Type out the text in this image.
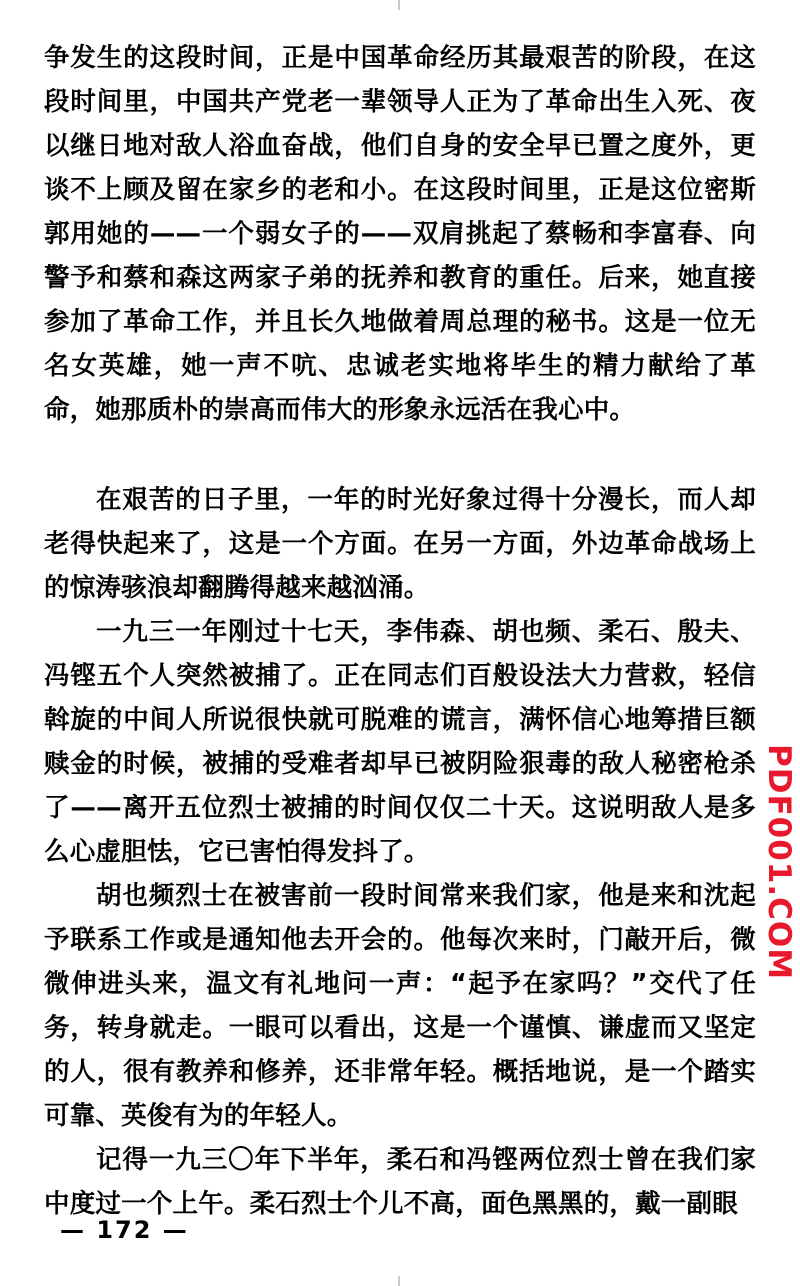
争发生的这段时间，正是中国革命经历其最艰苦的阶段，在这段时间里，中国共产党老一辈领导人正为了革命出生入死、夜以继日地对敌人浴血奋战，他们自身的安全早已置之度外，更谈不上顾及留在家乡的老和小。在这段时间里，正是这位密斯郭用她的——一个弱女子的——双肩挑起了蔡畅和李富春、向警予和蔡和森这两家子弟的抚养和教育的重任。后来，她直接参加了革命工作，并且长久地做着周总理的秘书。这是一位无名女英雄，她一声不吭、忠诚老实地将毕生的精力献给了革命，她那质朴的崇高而伟大的形象永远活在我心中。

在艰苦的日子里，一年的时光好象过得十分漫长，而人却老得快起来了，这是一个方面。在另一方面，外边革命战场上的惊涛骇浪却翻腾得越来越汹涌。

一九三一年刚过十七天，李伟森、胡也频、柔石、殷夫、冯铿五个人突然被捕了。正在同志们百般设法大力营救，轻信斡旋的中间人所说很快就可脱难的谎言，满怀信心地筹措巨额赎金的时候，被捕的受难者却早已被阴险狠毒的敌人秘密枪杀了——离开五位烈士被捕的时间仅仅二十天。这说明敌人是多么心虚胆怯，它已害怕得发抖了。

胡也频烈士在被害前一段时间常来我们家，他是来和沈起予联系工作或是通知他去开会的。他每次来时，门敲开后，微微伸进头来，温文有礼地问一声：“起予在家吗？”交代了任务，转身就走。一眼可以看出，这是一个谨慎、谦虚而又坚定的人，很有教养和修养，还非常年轻。概括地说，是一个踏实可靠、英俊有为的年轻人。

记得一九三〇年下半年，柔石和冯铿两位烈士曾在我们家中度过一个上午。柔石烈士个儿不高，面色黑黑的，戴一副眼

— 172 —
PDF001.COM
